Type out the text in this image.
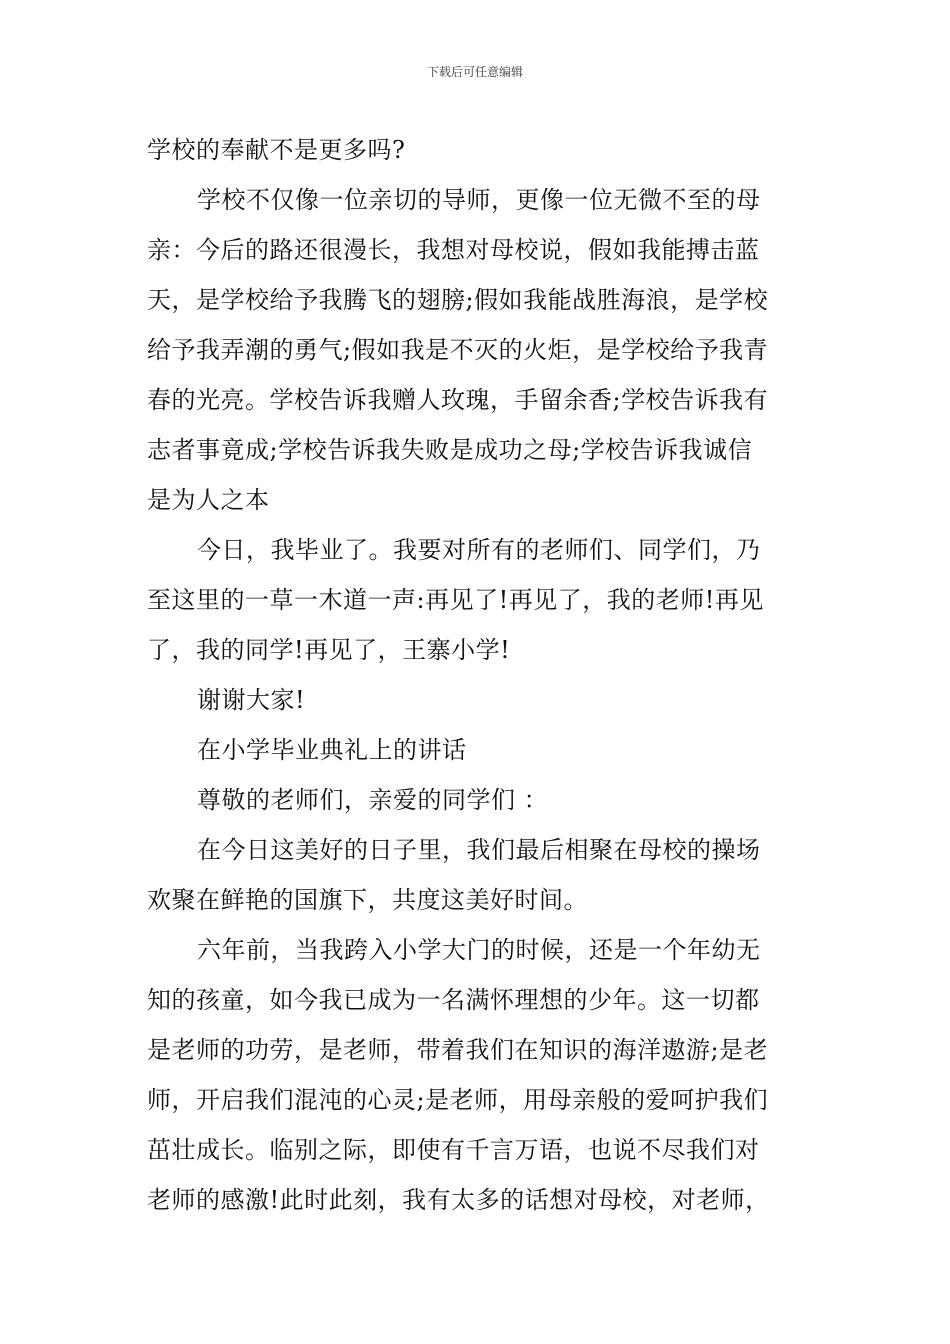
下载后可任意编辑
学校的奉献不是更多吗?
学校不仅像一位亲切的导师，更像一位无微不至的母
亲：今后的路还很漫长，我想对母校说，假如我能搏击蓝
天，是学校给予我腾飞的翅膀;假如我能战胜海浪，是学校
给予我弄潮的勇气;假如我是不灭的火炬，是学校给予我青
春的光亮。学校告诉我赠人玫瑰，手留余香;学校告诉我有
志者事竟成;学校告诉我失败是成功之母;学校告诉我诚信
是为人之本
今日，我毕业了。我要对所有的老师们、同学们，乃
至这里的一草一木道一声:再见了!再见了，我的老师!再见
了，我的同学!再见了，王寨小学!
谢谢大家!
在小学毕业典礼上的讲话
尊敬的老师们，亲爱的同学们 ：
在今日这美好的日子里，我们最后相聚在母校的操场
欢聚在鲜艳的国旗下，共度这美好时间。
六年前，当我跨入小学大门的时候，还是一个年幼无
知的孩童，如今我已成为一名满怀理想的少年。这一切都
是老师的功劳，是老师，带着我们在知识的海洋遨游;是老
师，开启我们混沌的心灵;是老师，用母亲般的爱呵护我们
茁壮成长。临别之际，即使有千言万语，也说不尽我们对
老师的感激!此时此刻，我有太多的话想对母校，对老师，
